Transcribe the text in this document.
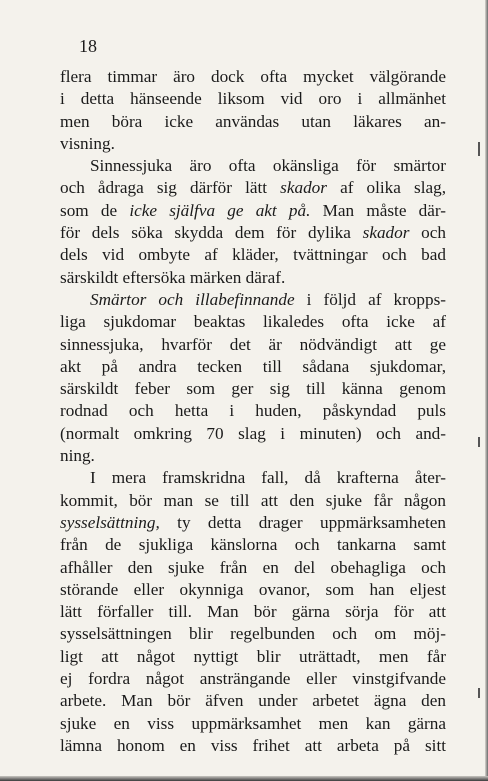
18
flera timmar äro dock ofta mycket välgörande
i detta hänseende liksom vid oro i allmänhet
men böra icke användas utan läkares an-
visning.
Sinnessjuka äro ofta okänsliga för smärtor
och ådraga sig därför lätt skador af olika slag,
som de icke själfva ge akt på. Man måste där-
för dels söka skydda dem för dylika skador och
dels vid ombyte af kläder, tvättningar och bad
särskildt eftersöka märken däraf.
Smärtor och illabefinnande i följd af kropps-
liga sjukdomar beaktas likaledes ofta icke af
sinnessjuka, hvarför det är nödvändigt att ge
akt på andra tecken till sådana sjukdomar,
särskildt feber som ger sig till känna genom
rodnad och hetta i huden, påskyndad puls
(normalt omkring 70 slag i minuten) och and-
ning.
I mera framskridna fall, då krafterna åter-
kommit, bör man se till att den sjuke får någon
sysselsättning, ty detta drager uppmärksamheten
från de sjukliga känslorna och tankarna samt
afhåller den sjuke från en del obehagliga och
störande eller okynniga ovanor, som han eljest
lätt förfaller till. Man bör gärna sörja för att
sysselsättningen blir regelbunden och om möj-
ligt att något nyttigt blir uträttadt, men får
ej fordra något ansträngande eller vinstgifvande
arbete. Man bör äfven under arbetet ägna den
sjuke en viss uppmärksamhet men kan gärna
lämna honom en viss frihet att arbeta på sitt
